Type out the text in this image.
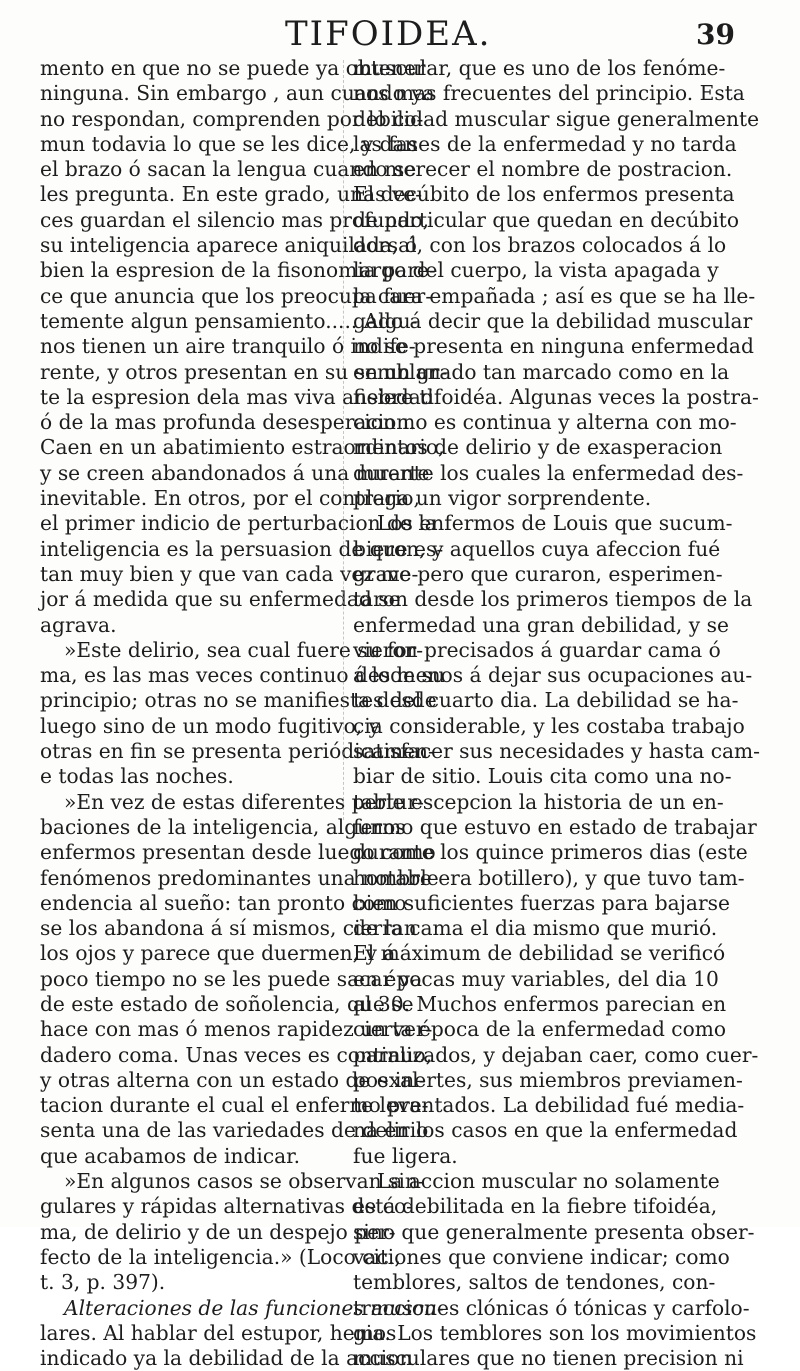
TIFOIDEA.	39
mento en que no se puede ya obtener
ninguna. Sin embargo , aun cuando ya
no respondan, comprenden por lo co-
mun todavia lo que se les dice, y dan
el brazo ó sacan la lengua cuando se
les pregunta. En este grado, unas ve-
ces guardan el silencio mas profundo,
su inteligencia aparece aniquilada, ó
bien la espresion de la fisonomia pare-
ce que anuncia que los preocupa fuer-
temente algun pensamiento..... Algu-
nos tienen un aire tranquilo ó indife-
rente, y otros presentan en su semblan-
te la espresion dela mas viva ansiedad
ó de la mas profunda desesperacion.
Caen en un abatimiento estraordinario,
y se creen abandonados á una muerte
inevitable. En otros, por el contrario,
el primer indicio de perturbacion de la
inteligencia es la persuasion de que es-
tan muy bien y que van cada vez me-
jor á medida que su enfermedad se
agrava.
»Este delirio, sea cual fuere su for-
ma, es las mas veces continuo desde su
principio; otras no se manifiesta desde
luego sino de un modo fugitivo, y
otras en fin se presenta periódicamen-
e todas las noches.
»En vez de estas diferentes pertur-
baciones de la inteligencia, algunos
enfermos presentan desde luego como
fenómenos predominantes una notable
endencia al sueño: tan pronto como
se los abandona á sí mismos, cierran
los ojos y parece que duermen, y á
poco tiempo no se les puede sacar ya
de este estado de soñolencia, que se
hace con mas ó menos rapidez un ver-
dadero coma. Unas veces es continuo,
y otras alterna con un estado de exal-
tacion durante el cual el enfermo pre-
senta una de las variedades de delirio
que acabamos de indicar.
»En algunos casos se observan sin-
gulares y rápidas alternativas de co-
ma, de delirio y de un despejo per-
fecto de la inteligencia.» (Loco cit.,
t. 3, p. 397).
Alteraciones de las funciones muscu-
lares. Al hablar del estupor, hemos
indicado ya la debilidad de la accion
muscular, que es uno de los fenóme-
nos mas frecuentes del principio. Esta
debilidad muscular sigue generalmente
las fases de la enfermedad y no tarda
en merecer el nombre de postracion.
El decúbito de los enfermos presenta
de particular que quedan en decúbito
dorsal, con los brazos colocados á lo
largo del cuerpo, la vista apagada y
la cara empañada ; así es que se ha lle-
gado á decir que la debilidad muscular
no se presenta en ninguna enfermedad
en un grado tan marcado como en la
fiebre tifoidéa. Algunas veces la postra-
cion no es continua y alterna con mo-
mentos de delirio y de exasperacion
durante los cuales la enfermedad des-
plega un vigor sorprendente.
Los enfermos de Louis que sucum-
bieron, y aquellos cuya afeccion fué
grave pero que curaron, esperimen-
taron desde los primeros tiempos de la
enfermedad una gran debilidad, y se
vieron precisados á guardar cama ó
á lo menos á dejar sus ocupaciones au-
tes del cuarto dia. La debilidad se ha-
cia considerable, y les costaba trabajo
satisfacer sus necesidades y hasta cam-
biar de sitio. Louis cita como una no-
table escepcion la historia de un en-
fermo que estuvo en estado de trabajar
durante los quince primeros dias (este
hombre era botillero), y que tuvo tam-
bien suficientes fuerzas para bajarse
de la cama el dia mismo que murió.
El máximum de debilidad se verificó
en épocas muy variables, del dia 10
al 30. Muchos enfermos parecian en
cierta época de la enfermedad como
paralizados, y dejaban caer, como cuer-
pos inertes, sus miembros previamen-
te levantados. La debilidad fué media-
na en los casos en que la enfermedad
fue ligera.
La accion muscular no solamente
está debilitada en la fiebre tifoidéa,
sino que generalmente presenta obser-
vaciones que conviene indicar; como
temblores, saltos de tendones, con-
tracciones clónicas ó tónicas y carfolo-
gia. Los temblores son los movimientos
musculares que no tienen precision ni
